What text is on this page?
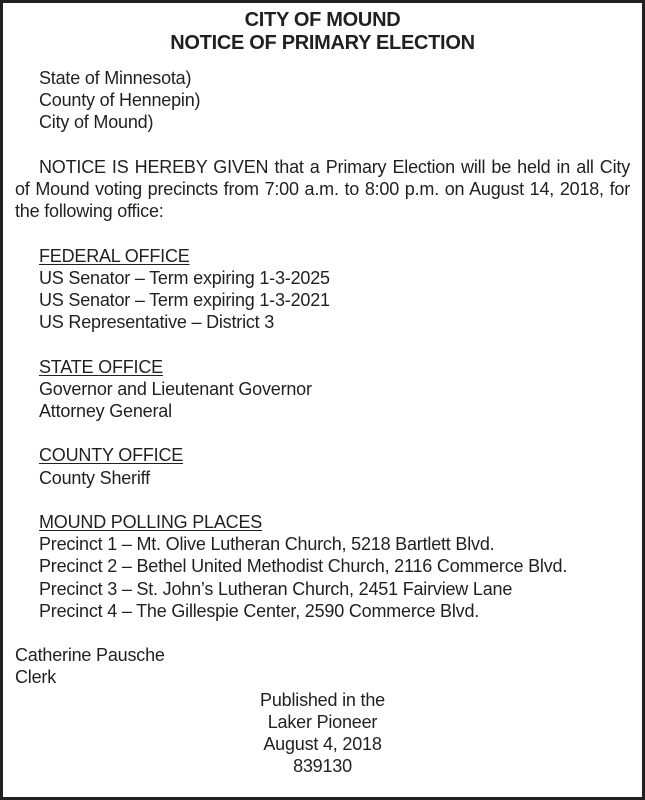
CITY OF MOUND
NOTICE OF PRIMARY ELECTION
State of Minnesota)
County of Hennepin)
City of Mound)

NOTICE IS HEREBY GIVEN that a Primary Election will be held in all City of Mound voting precincts from 7:00 a.m. to 8:00 p.m. on August 14, 2018, for the following office:

FEDERAL OFFICE
US Senator – Term expiring 1-3-2025
US Senator – Term expiring 1-3-2021
US Representative – District 3
STATE OFFICE
Governor and Lieutenant Governor
Attorney General
COUNTY OFFICE
County Sheriff
MOUND POLLING PLACES
Precinct 1 – Mt. Olive Lutheran Church, 5218 Bartlett Blvd.
Precinct 2 – Bethel United Methodist Church, 2116 Commerce Blvd.
Precinct 3 – St. John’s Lutheran Church, 2451 Fairview Lane
Precinct 4 – The Gillespie Center, 2590 Commerce Blvd.
Catherine Pausche
Clerk
Published in the
Laker Pioneer
August 4, 2018
839130
